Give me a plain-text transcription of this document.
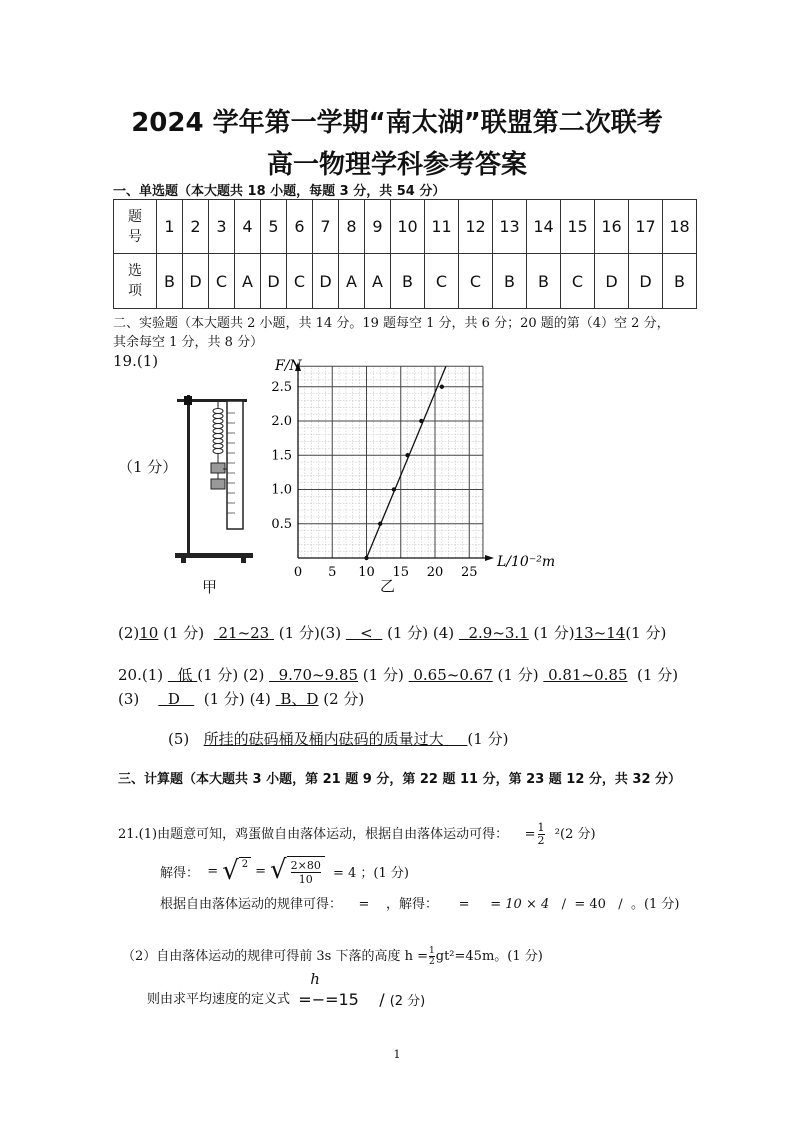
2024 学年第一学期“南太湖”联盟第二次联考
高一物理学科参考答案
一、单选题（本大题共 18 小题，每题 3 分，共 54 分）
题号	1	2	3	4	5	6	7	8	9	10	11	12	13	14	15	16	17	18
选项	B	D	C	A	D	C	D	A	A	B	C	C	B	B	C	D	D	B
二、实验题（本大题共 2 小题，共 14 分。19 题每空 1 分，共 6 分；20 题的第（4）空 2 分，
其余每空 1 分，共 8 分）
19.(1)
（1 分）
甲
0 5 10 15 20 25
0.5
1.0
1.5
2.0
2.5
F/N
L/10⁻²m
乙
(2)10 (1 分) 21~23 (1 分)(3) < (1 分) (4) 2.9~3.1 (1 分)13~14(1 分)
20.(1) 低 (1 分) (2) 9.70~9.85 (1 分) 0.65~0.67 (1 分) 0.81~0.85 (1 分)
(3) D (1 分) (4) B、D (2 分)
(5) 所挂的砝码桶及桶内砝码的质量过大 (1 分)
三、计算题（本大题共 3 小题，第 21 题 9 分，第 22 题 11 分，第 23 题 12 分，共 32 分）
21.(1)由题意可知，鸡蛋做自由落体运动，根据自由落体运动可得： = $\frac{1}{2} ^2(2$ 分)
解得：
= √ 2 = √ $\frac{2\times 80}{10}$
= 4 ；(1 分)
根据自由落体运动的规律可得： = ，解得： = = 10 × 4 / = 40 / 。(1 分)
（2）自由落体运动的规律可得前 3s 下落的高度 $h = \frac{1}{2} gt^2=45m$。(1 分)
则由求平均速度的定义式

h
=−=15 / (2 分)
1
